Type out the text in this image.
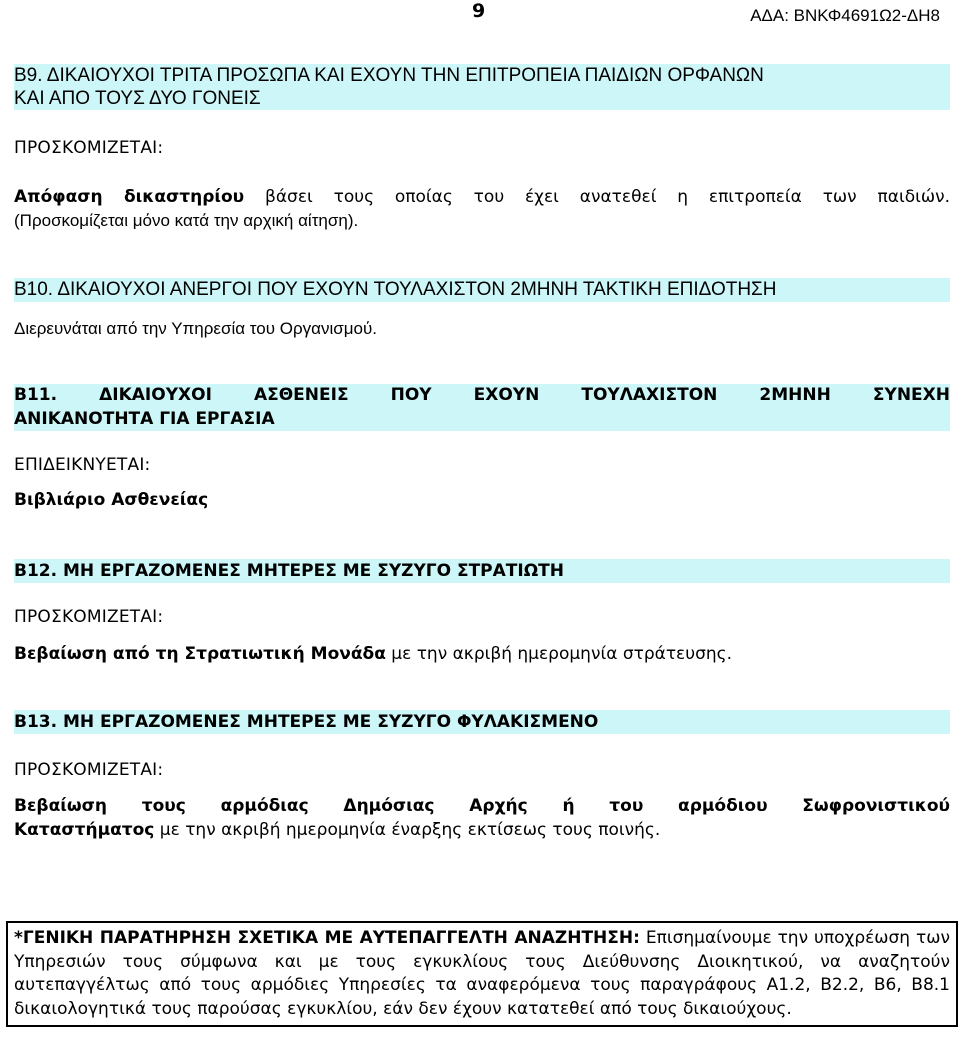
9	ΑΔΑ: ΒΝΚΦ4691Ω2-ΔΗ8
Β9. ΔΙΚΑΙΟΥΧΟΙ ΤΡΙΤΑ ΠΡΟΣΩΠΑ ΚΑΙ ΕΧΟΥΝ ΤΗΝ ΕΠΙΤΡΟΠΕΙΑ ΠΑΙΔΙΩΝ ΟΡΦΑΝΩΝ
ΚΑΙ ΑΠΟ ΤΟΥΣ ΔΥΟ ΓΟΝΕΙΣ
ΠΡΟΣΚΟΜΙΖΕΤΑΙ:
Απόφαση δικαστηρίου βάσει τους οποίας του έχει ανατεθεί η επιτροπεία των παιδιών.
(Προσκομίζεται μόνο κατά την αρχική αίτηση).
Β10. ΔΙΚΑΙΟΥΧΟΙ ΑΝΕΡΓΟΙ ΠΟΥ ΕΧΟΥΝ ΤΟΥΛΑΧΙΣΤΟΝ 2ΜΗΝΗ ΤΑΚΤΙΚΗ ΕΠΙΔΟΤΗΣΗ
Διερευνάται από την Υπηρεσία του Οργανισμού.
Β11. ΔΙΚΑΙΟΥΧΟΙ ΑΣΘΕΝΕΙΣ ΠΟΥ ΕΧΟΥΝ ΤΟΥΛΑΧΙΣΤΟΝ 2ΜΗΝΗ ΣΥΝΕΧΗ
ΑΝΙΚΑΝΟΤΗΤΑ ΓΙΑ ΕΡΓΑΣΙΑ
ΕΠΙΔΕΙΚΝΥΕΤΑΙ:
Βιβλιάριο Ασθενείας
Β12. ΜΗ ΕΡΓΑΖΟΜΕΝΕΣ ΜΗΤΕΡΕΣ ΜΕ ΣΥΖΥΓΟ ΣΤΡΑΤΙΩΤΗ
ΠΡΟΣΚΟΜΙΖΕΤΑΙ:
Βεβαίωση από τη Στρατιωτική Μονάδα με την ακριβή ημερομηνία στράτευσης.
Β13. ΜΗ ΕΡΓΑΖΟΜΕΝΕΣ ΜΗΤΕΡΕΣ ΜΕ ΣΥΖΥΓΟ ΦΥΛΑΚΙΣΜΕΝΟ
ΠΡΟΣΚΟΜΙΖΕΤΑΙ:
Βεβαίωση τους αρμόδιας Δημόσιας Αρχής ή του αρμόδιου Σωφρονιστικού
Καταστήματος με την ακριβή ημερομηνία έναρξης εκτίσεως τους ποινής.
*ΓΕΝΙΚΗ ΠΑΡΑΤΗΡΗΣΗ ΣΧΕΤΙΚΑ ΜΕ ΑΥΤΕΠΑΓΓΕΛΤΗ ΑΝΑΖΗΤΗΣΗ: Επισημαίνουμε την υποχρέωση των Υπηρεσιών τους σύμφωνα και με τους εγκυκλίους τους Διεύθυνσης Διοικητικού, να αναζητούν αυτεπαγγέλτως από τους αρμόδιες Υπηρεσίες τα αναφερόμενα τους παραγράφους Α1.2, Β2.2, Β6, Β8.1 δικαιολογητικά τους παρούσας εγκυκλίου, εάν δεν έχουν κατατεθεί από τους δικαιούχους.
